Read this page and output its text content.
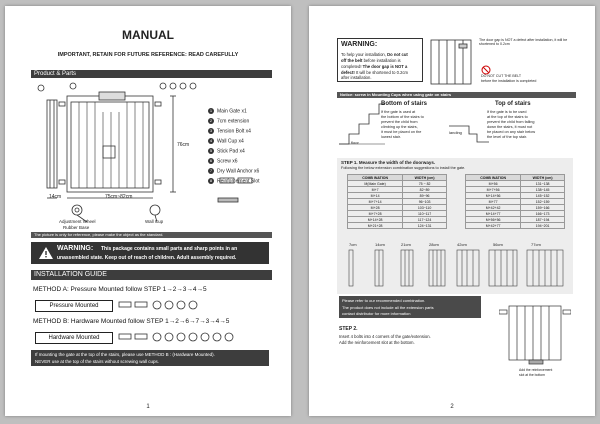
MANUAL
IMPORTANT, RETAIN FOR FUTURE REFERENCE: READ CAREFULLY
Product & Parts
76cm
75cm~82cm
14cm
Adjustment Wheel
Rubber Base
Wall Cup
1 Main Gate x1
2 7cm extension
3 Tension Bolt x4
4 Wall Cup x4
5 Stick Pad x4
6 Screw x6
7 Dry Wall Anchor x6
8 Reinforcement Slot
The picture is only for reference, please make the object as the standard.
WARNING: This package contains small parts and sharp points in an
unassembled state. Keep out of reach of children. Adult assembly required.
INSTALLATION GUIDE
METHOD A: Pressure Mounted follow STEP 1→2→3→4→5
Pressure Mounted
METHOD B: Hardware Mounted follow STEP 1→2→6→7→3→4→5
Hardware Mounted
If mounting the gate at the top of the stairs, please use METHOD B : (Hardware Mounted).
NEVER use at the top of the stairs without screwing wall cups.
1
WARNING:
To help your installation, Do not cut
off the belt before installation is
completed! The door gap is NOT a
defect! It will be shortened to 0.2cm
after installation.
The door gap is NOT a defect after installation, it will be shortened to 0.2cm
DO NOT CUT THE BELT
before the installation is completed
Notice: screw in Mounting Cups when using gate on stairs
floor
Bottom of stairs
If the gate is used at
the bottom of the stairs to
prevent the child from
climbing up the stairs,
it must be placed on the
lowest stair.
landing
Top of stairs
If the gate is to be used
at the top of the stairs to
prevent the child from falling
down the stairs, it must not
be placed on any stair below
the level of the top stair.
STEP 1. Measure the width of the doorways.
Following the below extension combination suggestions to install the gate.
COMB INATION	WIDTH (cm)
M(Main Gate)	75 ~ 82
M+7	82~89
M+14	89~96
M+7+14	96~103
M+28	103~110
M+7+28	110~117
M+14+28	117~124
M+21+28	124~131
COMB INATION	WIDTH (cm)
M+56	131~138
M+7+56	138~145
M+14+56	145~152
M+77	152~159
M+42+42	159~166
M+14+77	166~173
M+56+56	187~194
M+42+77	194~201
Please refer to our recommended combination.
The product does not include all the extension parts
contact distributor for more information
STEP 2.
Insert 4 bolts into 4 corners of the gate/extension.
Add the reinforcement slot at the bottom.
Add the reinforcement
slot at the bottom
2
7cm	14cm	21cm	28cm	42cm	56cm	77cm
